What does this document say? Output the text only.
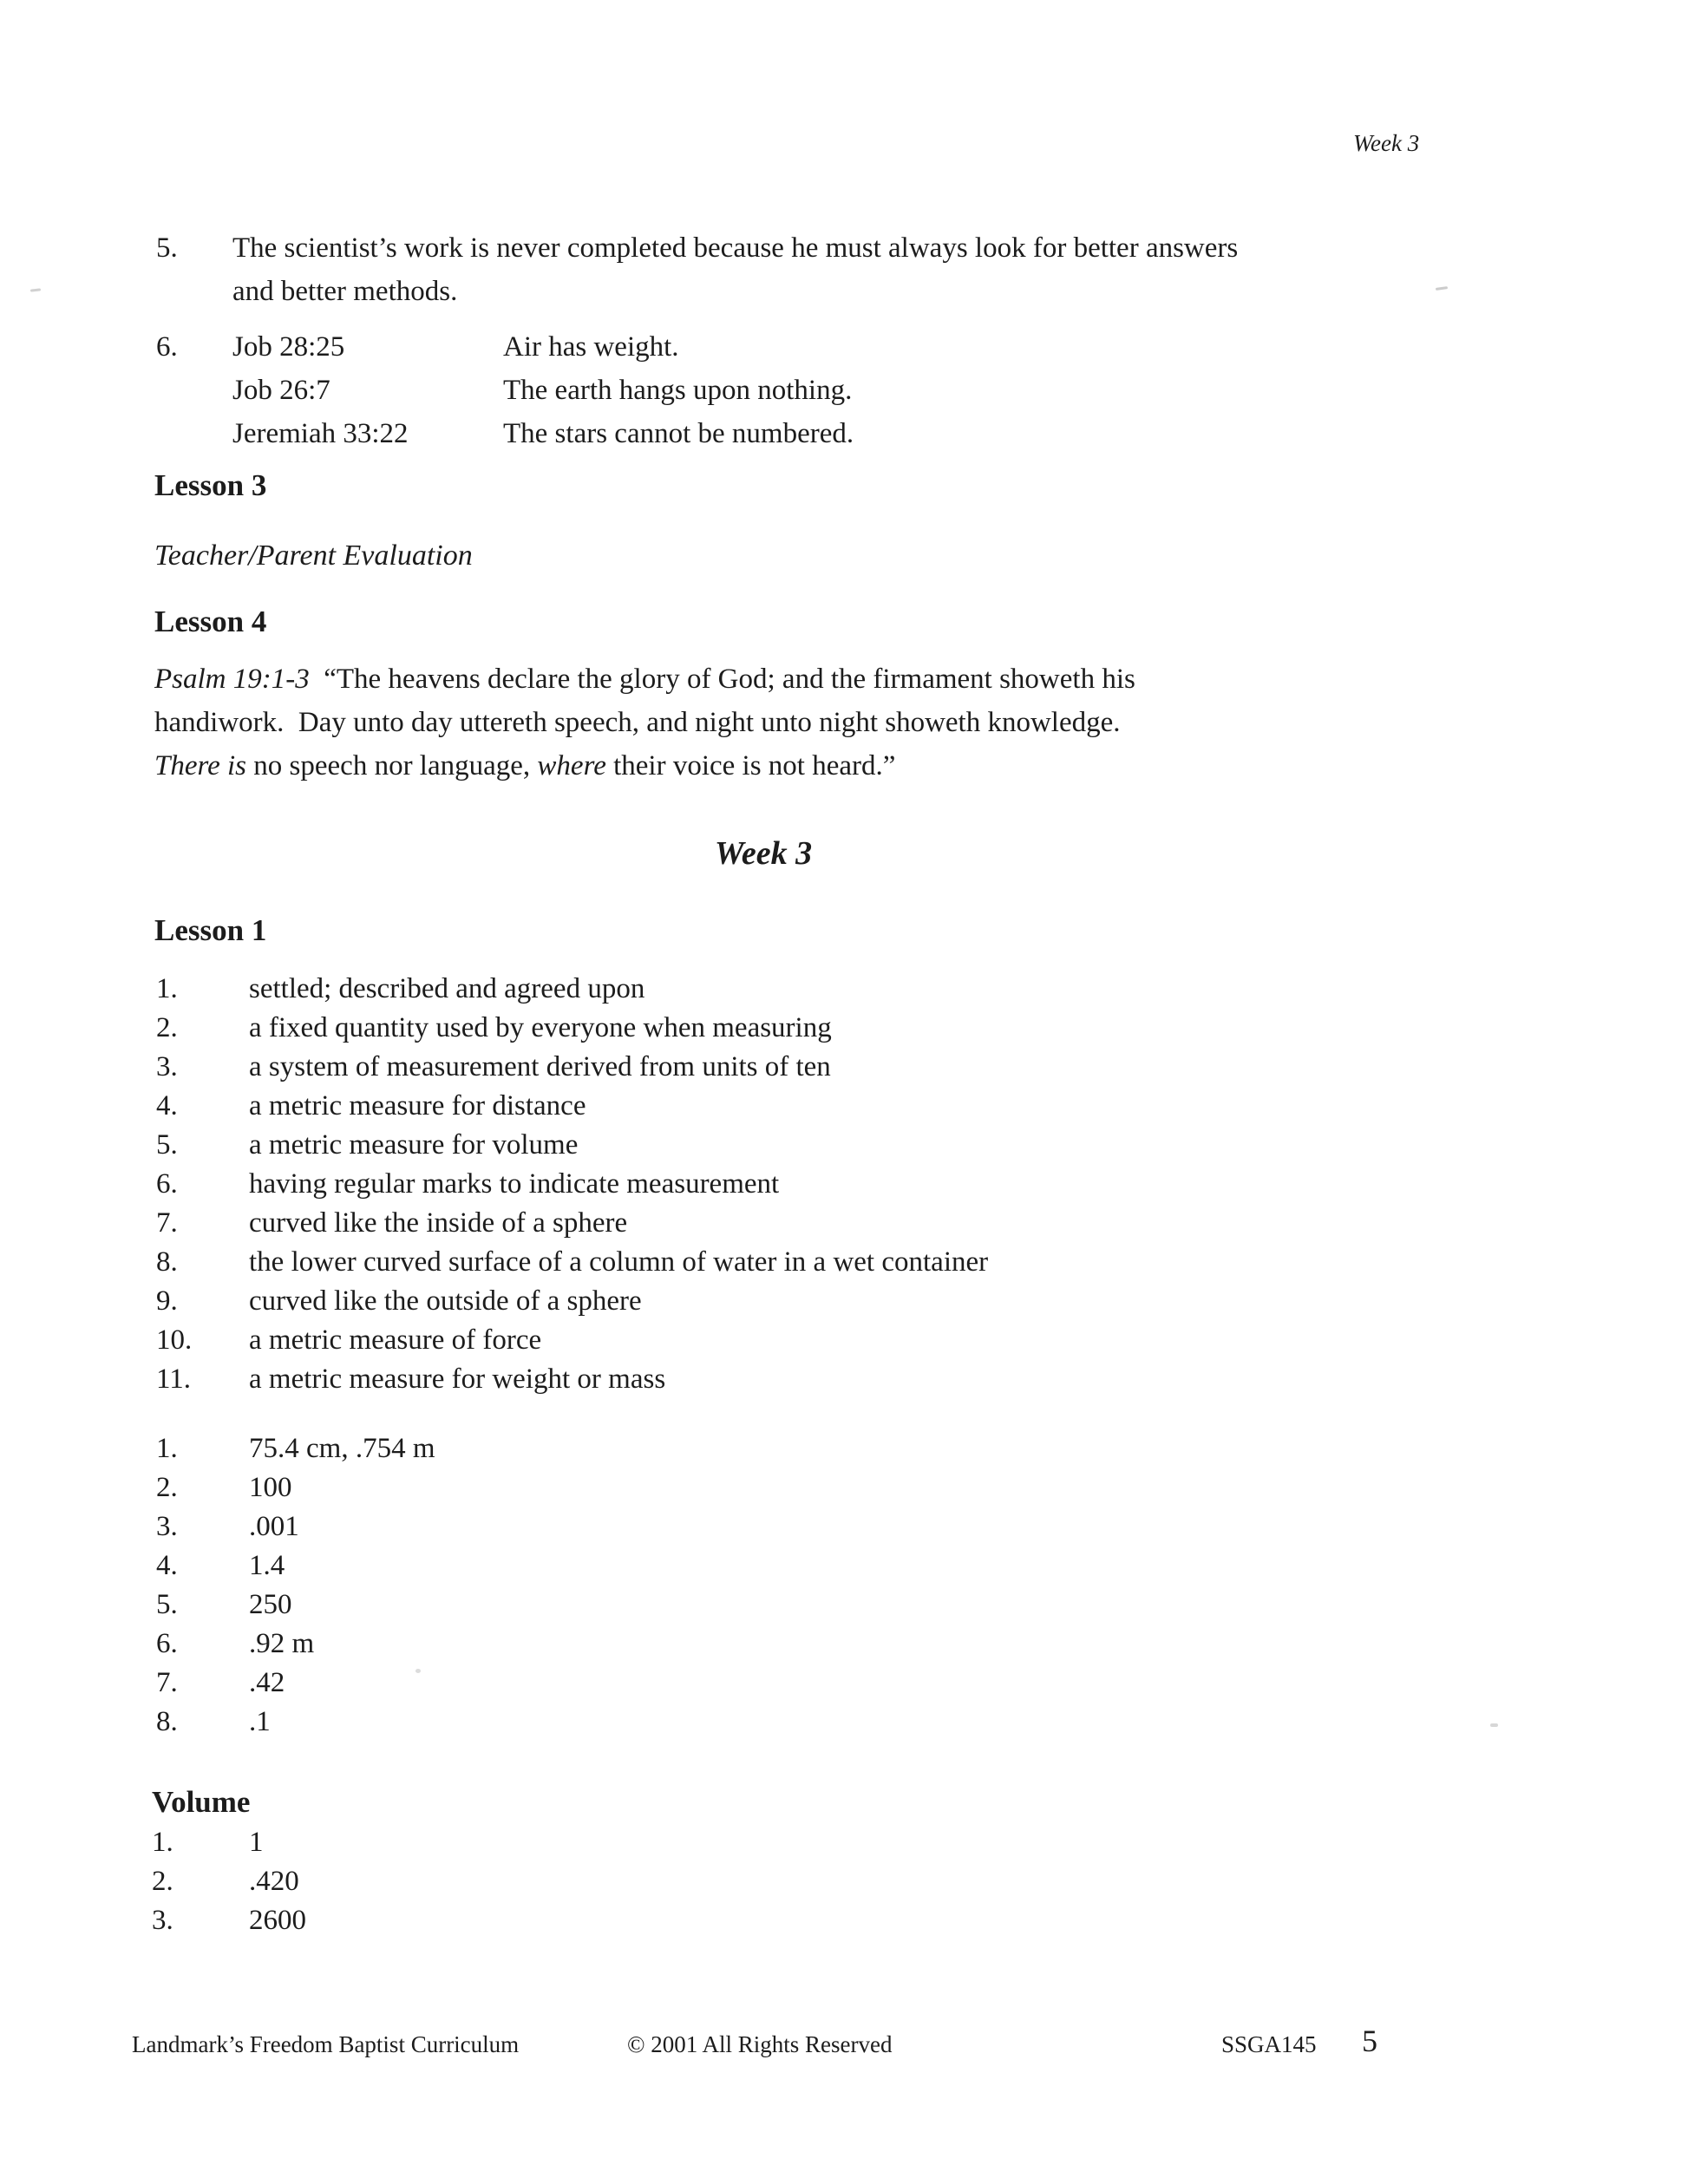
Week 3
5. The scientist’s work is never completed because he must always look for better answers
and better methods.
6. Job 28:25	Air has weight.
Job 26:7	The earth hangs upon nothing.
Jeremiah 33:22	The stars cannot be numbered.
Lesson 3
Teacher/Parent Evaluation
Lesson 4
Psalm 19:1-3  “The heavens declare the glory of God; and the firmament showeth his
handiwork.  Day unto day uttereth speech, and night unto night showeth knowledge.
There is no speech nor language, where their voice is not heard.”
Week 3
Lesson 1
1. settled; described and agreed upon
2. a fixed quantity used by everyone when measuring
3. a system of measurement derived from units of ten
4. a metric measure for distance
5. a metric measure for volume
6. having regular marks to indicate measurement
7. curved like the inside of a sphere
8. the lower curved surface of a column of water in a wet container
9. curved like the outside of a sphere
10. a metric measure of force
11. a metric measure for weight or mass
1. 75.4 cm, .754 m
2. 100
3. .001
4. 1.4
5. 250
6. .92 m
7. .42
8. .1
Volume
1.	1
2.	.420
3.	2600
Landmark’s Freedom Baptist Curriculum	© 2001 All Rights Reserved	SSGA145 5
